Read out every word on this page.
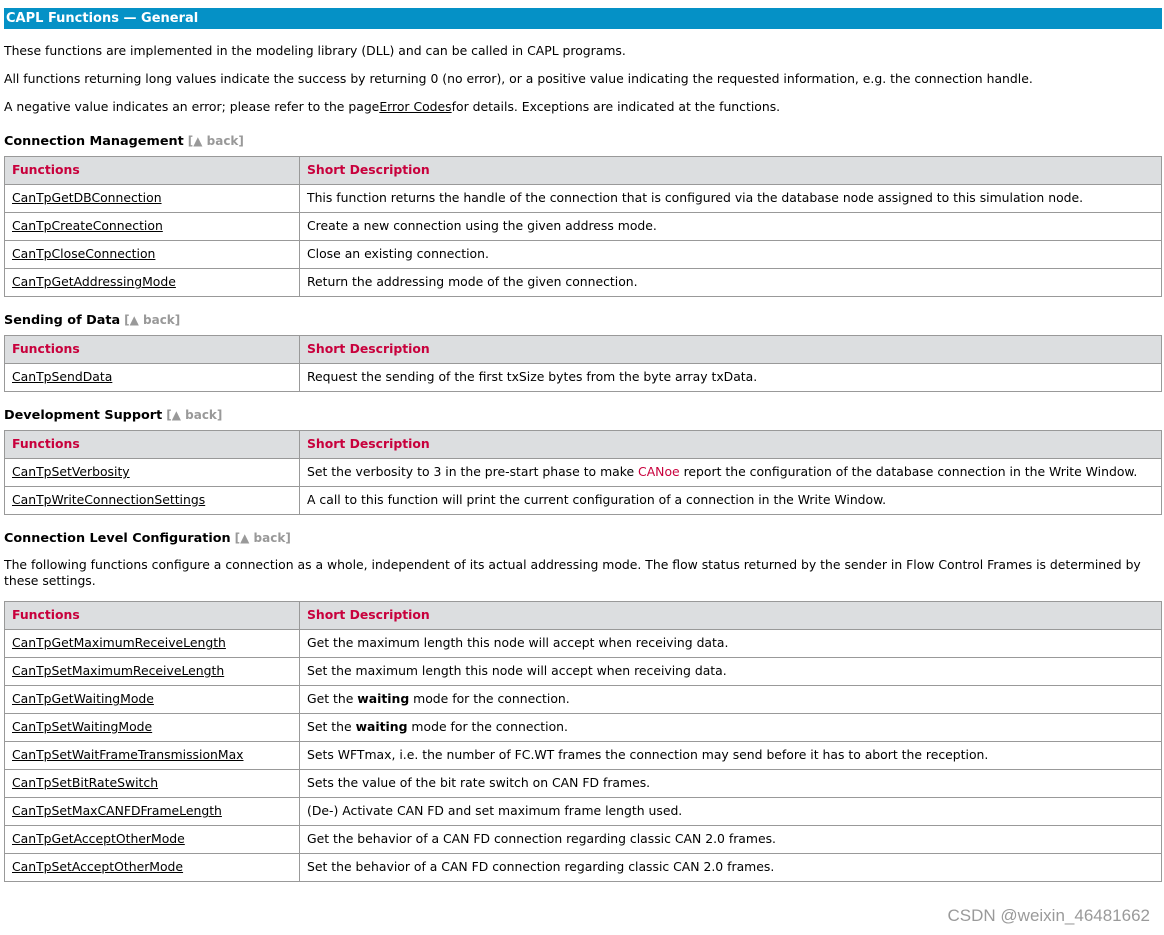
CAPL Functions — General

These functions are implemented in the modeling library (DLL) and can be called in CAPL programs.

All functions returning long values indicate the success by returning 0 (no error), or a positive value indicating the requested information, e.g. the connection handle.

A negative value indicates an error; please refer to the page Error Codes for details. Exceptions are indicated at the functions.

Connection Management [▲ back]
Functions	Short Description
CanTpGetDBConnection	This function returns the handle of the connection that is configured via the database node assigned to this simulation node.
CanTpCreateConnection	Create a new connection using the given address mode.
CanTpCloseConnection	Close an existing connection.
CanTpGetAddressingMode	Return the addressing mode of the given connection.
Sending of Data [▲ back]
Functions	Short Description
CanTpSendData	Request the sending of the first txSize bytes from the byte array txData.
Development Support [▲ back]
Functions	Short Description
CanTpSetVerbosity	Set the verbosity to 3 in the pre-start phase to make CANoe report the configuration of the database connection in the Write Window.
CanTpWriteConnectionSettings	A call to this function will print the current configuration of a connection in the Write Window.
Connection Level Configuration [▲ back]

The following functions configure a connection as a whole, independent of its actual addressing mode. The flow status returned by the sender in Flow Control Frames is determined by these settings.

Functions	Short Description
CanTpGetMaximumReceiveLength	Get the maximum length this node will accept when receiving data.
CanTpSetMaximumReceiveLength	Set the maximum length this node will accept when receiving data.
CanTpGetWaitingMode	Get the waiting mode for the connection.
CanTpSetWaitingMode	Set the waiting mode for the connection.
CanTpSetWaitFrameTransmissionMax	Sets WFTmax, i.e. the number of FC.WT frames the connection may send before it has to abort the reception.
CanTpSetBitRateSwitch	Sets the value of the bit rate switch on CAN FD frames.
CanTpSetMaxCANFDFrameLength	(De-) Activate CAN FD and set maximum frame length used.
CanTpGetAcceptOtherMode	Get the behavior of a CAN FD connection regarding classic CAN 2.0 frames.
CanTpSetAcceptOtherMode	Set the behavior of a CAN FD connection regarding classic CAN 2.0 frames.
CSDN @weixin_46481662
